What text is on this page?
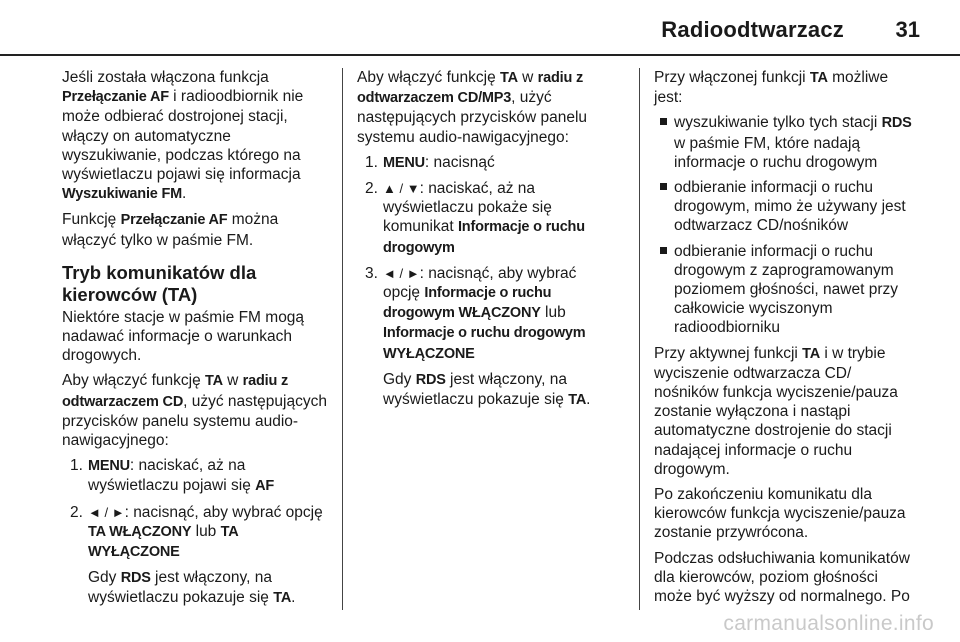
Radioodtwarzacz 31

Jeśli została włączona funkcja Przełączanie AF i radioodbiornik nie może odbierać dostrojonej stacji, włączy on automatyczne wyszukiwanie, podczas którego na wyświetlaczu pojawi się informacja Wyszukiwanie FM.

Funkcję Przełączanie AF można włączyć tylko w paśmie FM.

Tryb komunikatów dla kierowców (TA)

Niektóre stacje w paśmie FM mogą nadawać informacje o warunkach drogowych.

Aby włączyć funkcję TA w radiu z odtwarzaczem CD, użyć następujących przycisków panelu systemu audio-nawigacyjnego:

1. MENU: naciskać, aż na wyświetlaczu pojawi się AF
2. ◄ / ►: nacisnąć, aby wybrać opcję TA WŁĄCZONY lub TA WYŁĄCZONE
Gdy RDS jest włączony, na wyświetlaczu pokazuje się TA.

Aby włączyć funkcję TA w radiu z odtwarzaczem CD/MP3, użyć następujących przycisków panelu systemu audio-nawigacyjnego:

1. MENU: nacisnąć
2. ▲ / ▼: naciskać, aż na wyświetlaczu pokaże się komunikat Informacje o ruchu drogowym
3. ◄ / ►: nacisnąć, aby wybrać opcję Informacje o ruchu drogowym WŁĄCZONY lub Informacje o ruchu drogowym WYŁĄCZONE
Gdy RDS jest włączony, na wyświetlaczu pokazuje się TA.

Przy włączonej funkcji TA możliwe jest:

wyszukiwanie tylko tych stacji RDS w paśmie FM, które nadają informacje o ruchu drogowym
odbieranie informacji o ruchu drogowym, mimo że używany jest odtwarzacz CD/nośników
odbieranie informacji o ruchu drogowym z zaprogramowanym poziomem głośności, nawet przy całkowicie wyciszonym radioodbiorniku

Przy aktywnej funkcji TA i w trybie wyciszenie odtwarzacza CD/ nośników funkcja wyciszenie/pauza zostanie wyłączona i nastąpi automatyczne dostrojenie do stacji nadającej informacje o ruchu drogowym.

Po zakończeniu komunikatu dla kierowców funkcja wyciszenie/pauza zostanie przywrócona.

Podczas odsłuchiwania komunikatów dla kierowców, poziom głośności może być wyższy od normalnego. Po

carmanualsonline.info
